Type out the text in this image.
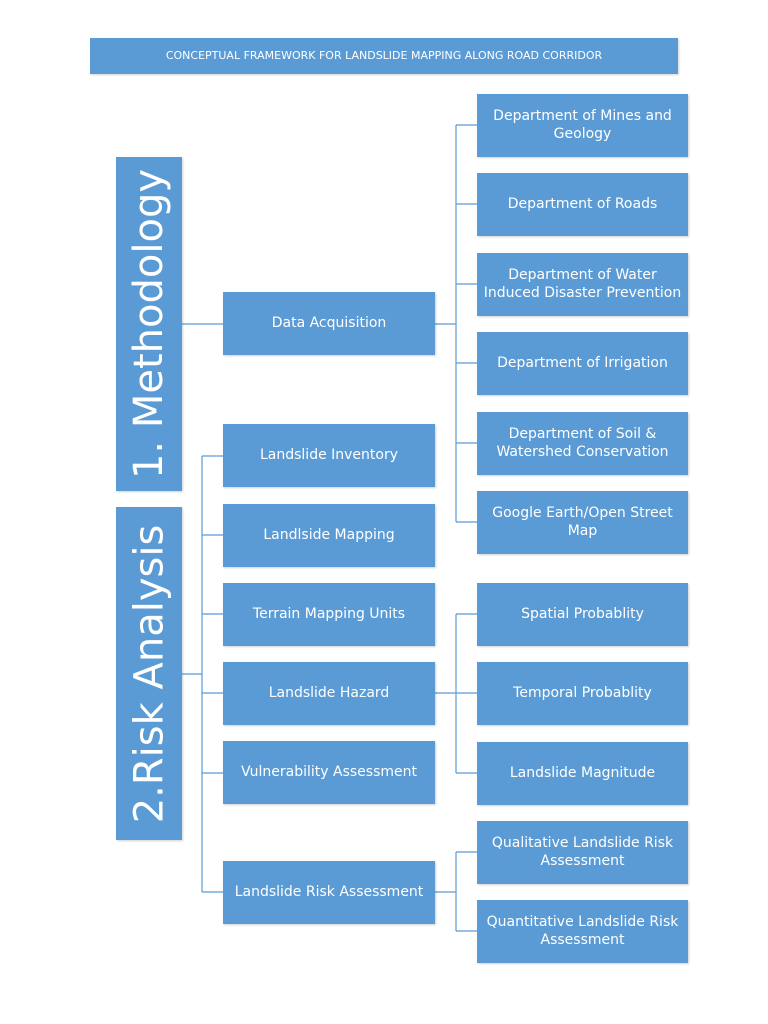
CONCEPTUAL FRAMEWORK FOR LANDSLIDE MAPPING ALONG ROAD CORRIDOR
1. Methodology
2.Risk Analysis
Data Acquisition
Landslide Inventory
Landlside Mapping
Terrain Mapping Units
Landslide Hazard
Vulnerability Assessment
Landslide Risk Assessment
Department of Mines and Geology
Department of Roads
Department of Water Induced Disaster Prevention
Department of Irrigation
Department of Soil & Watershed Conservation
Google Earth/Open Street Map
Spatial Probablity
Temporal Probablity
Landslide Magnitude
Qualitative Landslide Risk Assessment
Quantitative Landslide Risk Assessment
